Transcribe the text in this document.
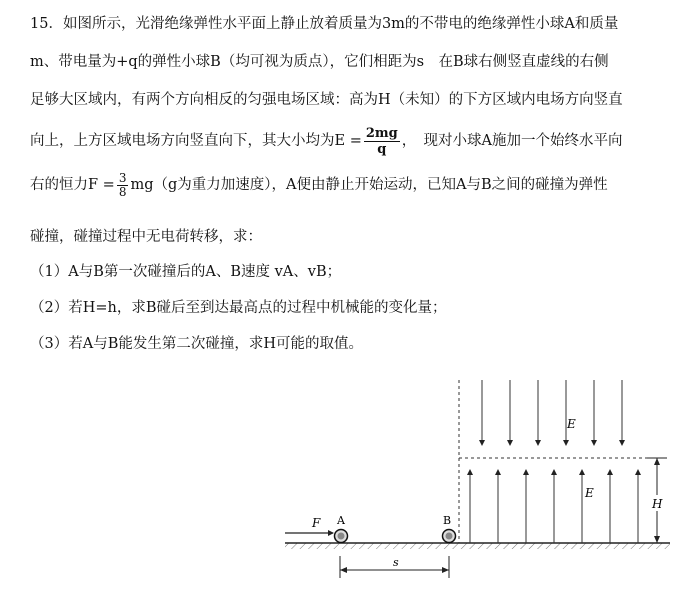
15．如图所示，光滑绝缘弹性水平面上静止放着质量为3m的不带电的绝缘弹性小球A和质量
m、带电量为+q的弹性小球B（均可视为质点），它们相距为s　在B球右侧竖直虚线的右侧
足够大区域内，有两个方向相反的匀强电场区域：高为H（未知）的下方区域内电场方向竖直
向上，上方区域电场方向竖直向下，其大小均为$E = \frac{2mg}{q}$ ，　现对小球A施加一个始终水平向
右的恒力$F = \frac{3}{8} mg(g$为重力加速度），A便由静止开始运动，已知A与B之间的碰撞为弹性
碰撞，碰撞过程中无电荷转移，求：
（1）A与B第一次碰撞后的A、B速度 vA、vB；
（2）若H=h，求B碰后至到达最高点的过程中机械能的变化量；
（3）若A与B能发生第二次碰撞，求H可能的取值。
E
E
H
F A	B
s
